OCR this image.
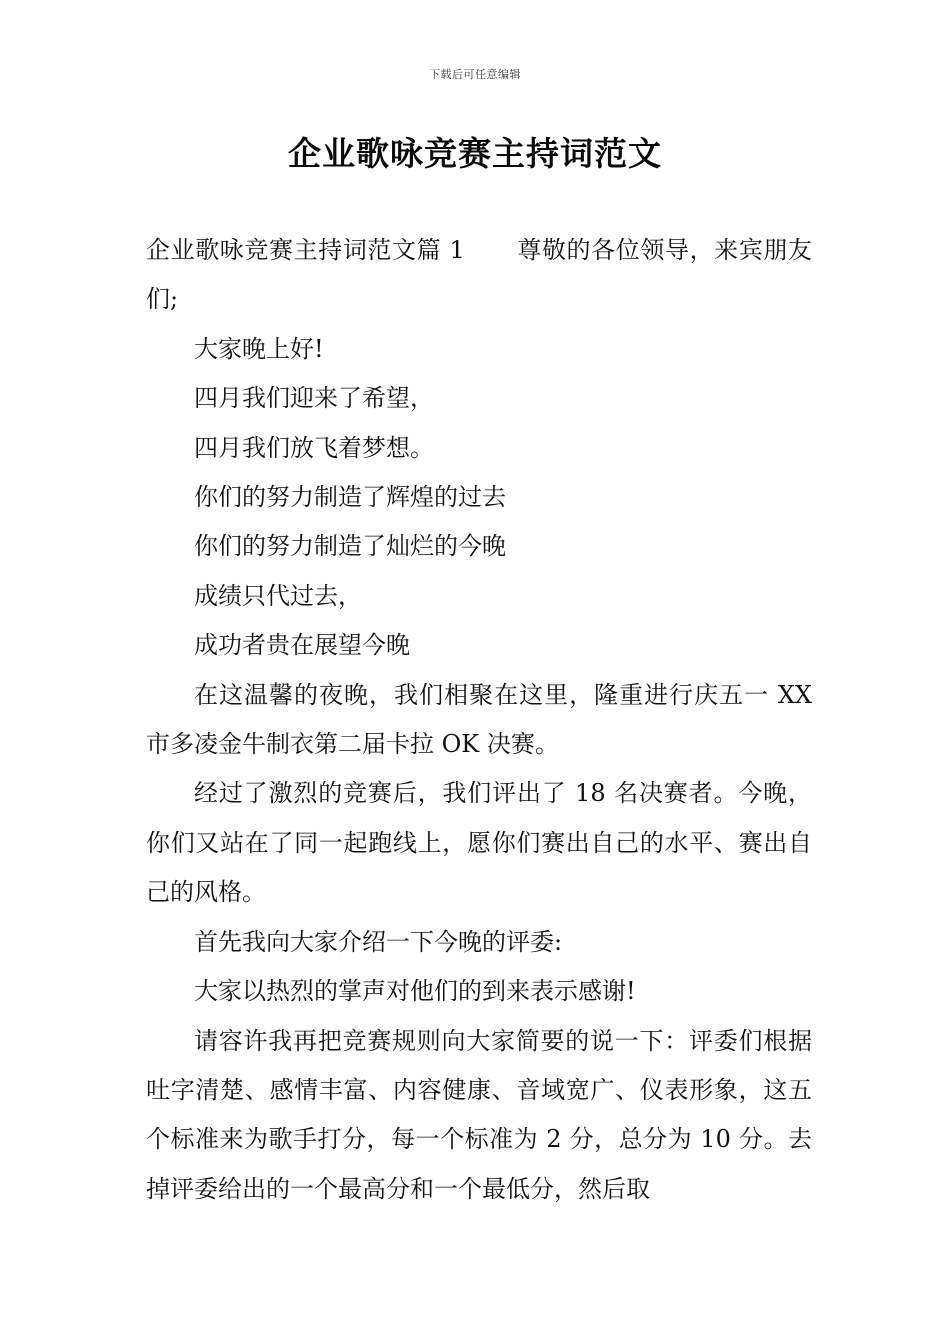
下载后可任意编辑
企业歌咏竞赛主持词范文

企业歌咏竞赛主持词范文篇 1 尊敬的各位领导，来宾朋友们;

大家晚上好!

四月我们迎来了希望，

四月我们放飞着梦想。

你们的努力制造了辉煌的过去

你们的努力制造了灿烂的今晚

成绩只代过去，

成功者贵在展望今晚

在这温馨的夜晚，我们相聚在这里，隆重进行庆五一 XX 市多凌金牛制衣第二届卡拉 OK 决赛。

经过了激烈的竞赛后，我们评出了 18 名决赛者。今晚，你们又站在了同一起跑线上，愿你们赛出自己的水平、赛出自己的风格。

首先我向大家介绍一下今晚的评委:

大家以热烈的掌声对他们的到来表示感谢!

请容许我再把竞赛规则向大家简要的说一下：评委们根据吐字清楚、感情丰富、内容健康、音域宽广、仪表形象，这五个标准来为歌手打分，每一个标准为 2 分，总分为 10 分。去掉评委给出的一个最高分和一个最低分，然后取
